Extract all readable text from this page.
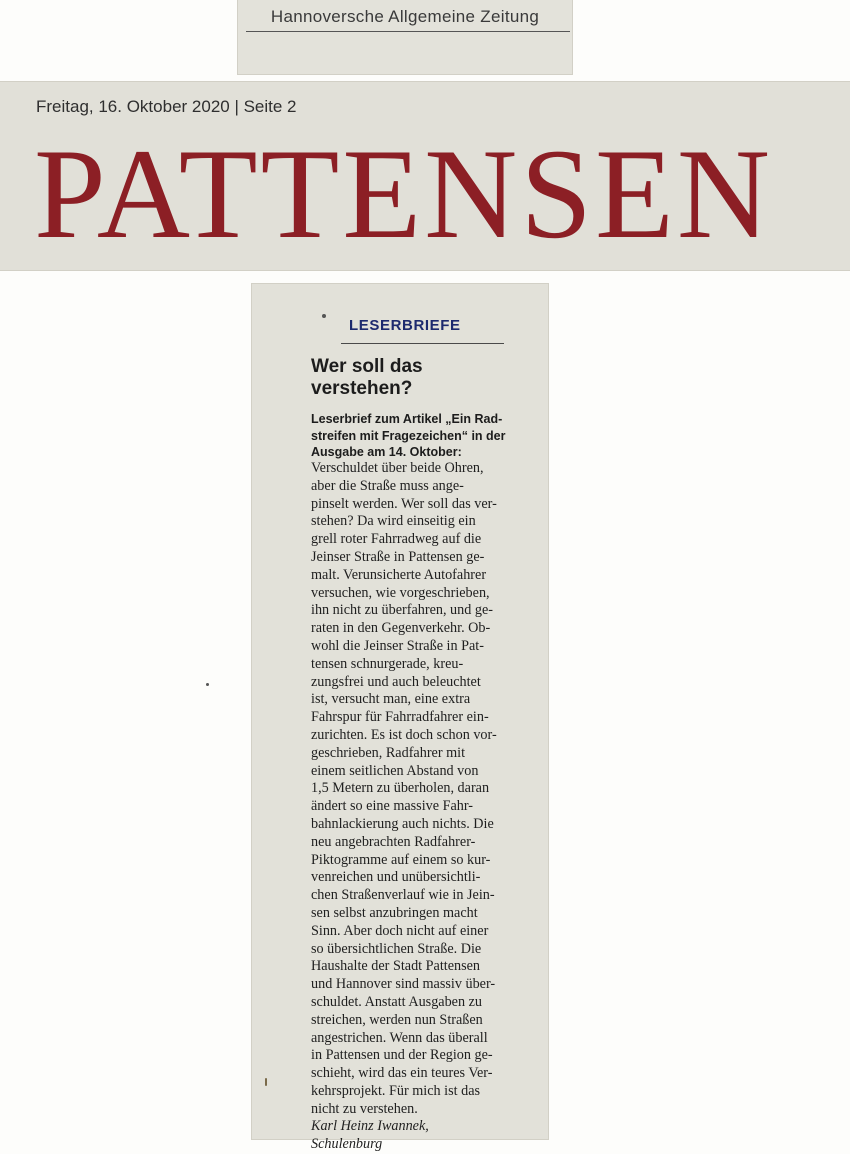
Hannoversche Allgemeine Zeitung
Freitag, 16. Oktober 2020 | Seite 2
PATTENSEN
LESERBRIEFE
Wer soll das
verstehen?
Leserbrief zum Artikel „Ein Rad-
streifen mit Fragezeichen“ in der
Ausgabe am 14. Oktober:
Verschuldet über beide Ohren,
aber die Straße muss ange-
pinselt werden. Wer soll das ver-
stehen? Da wird einseitig ein
grell roter Fahrradweg auf die
Jeinser Straße in Pattensen ge-
malt. Verunsicherte Autofahrer
versuchen, wie vorgeschrieben,
ihn nicht zu überfahren, und ge-
raten in den Gegenverkehr. Ob-
wohl die Jeinser Straße in Pat-
tensen schnurgerade, kreu-
zungsfrei und auch beleuchtet
ist, versucht man, eine extra
Fahrspur für Fahrradfahrer ein-
zurichten. Es ist doch schon vor-
geschrieben, Radfahrer mit
einem seitlichen Abstand von
1,5 Metern zu überholen, daran
ändert so eine massive Fahr-
bahnlackierung auch nichts. Die
neu angebrachten Radfahrer-
Piktogramme auf einem so kur-
venreichen und unübersichtli-
chen Straßenverlauf wie in Jein-
sen selbst anzubringen macht
Sinn. Aber doch nicht auf einer
so übersichtlichen Straße. Die
Haushalte der Stadt Pattensen
und Hannover sind massiv über-
schuldet. Anstatt Ausgaben zu
streichen, werden nun Straßen
angestrichen. Wenn das überall
in Pattensen und der Region ge-
schieht, wird das ein teures Ver-
kehrsprojekt. Für mich ist das
nicht zu verstehen.
Karl Heinz Iwannek,
Schulenburg
